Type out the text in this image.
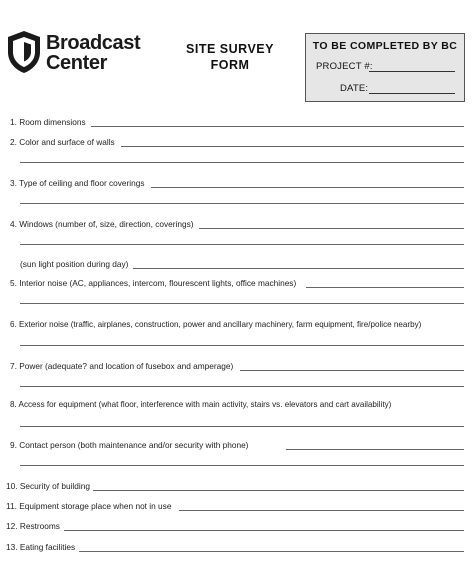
Broadcast
Center
SITE SURVEY
FORM
TO BE COMPLETED BY BC
PROJECT #:
DATE:
1. Room dimensions
2. Color and surface of walls
3. Type of ceiling and floor coverings
4. Windows (number of, size, direction, coverings)
(sun light position during day)
5. Interior noise (AC, appliances, intercom, flourescent lights, office machines)
6. Exterior noise (traffic, airplanes, construction, power and ancillary machinery, farm equipment, fire/police nearby)
7. Power (adequate? and location of fusebox and amperage)
8. Access for equipment (what floor, interference with main activity, stairs vs. elevators and cart availability)
9. Contact person (both maintenance and/or security with phone)
10. Security of building
11. Equipment storage place when not in use
12. Restrooms
13. Eating facilities
